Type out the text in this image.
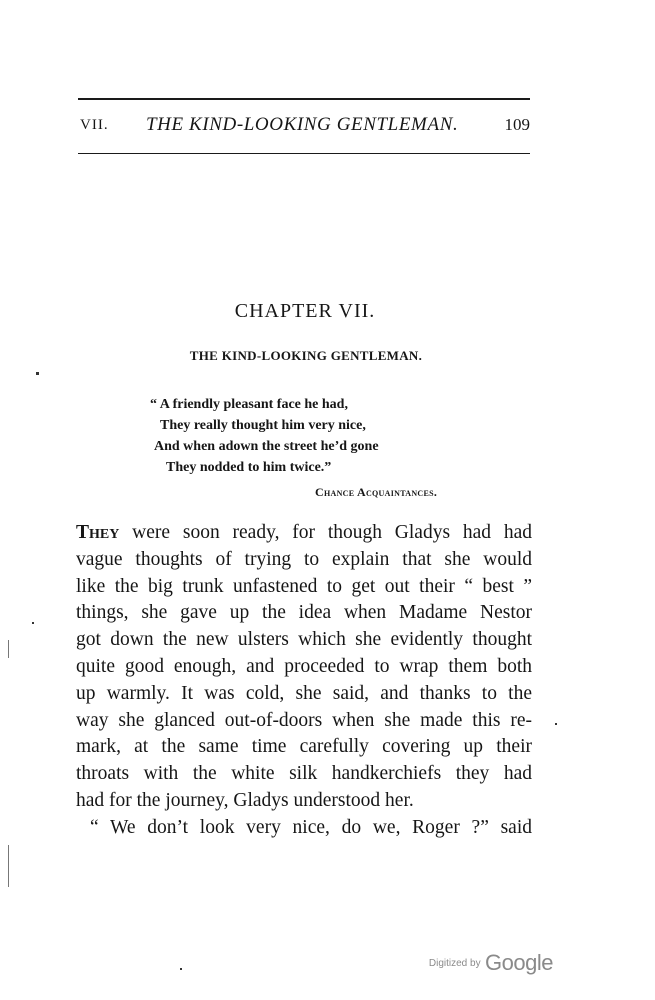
VII. THE KIND-LOOKING GENTLEMAN.	109
CHAPTER VII.
THE KIND-LOOKING GENTLEMAN.
“ A friendly pleasant face he had,
They really thought him very nice,
And when adown the street he’d gone
They nodded to him twice.”
Chance Acquaintances.
They were soon ready, for though Gladys had had
vague thoughts of trying to explain that she would
like the big trunk unfastened to get out their “ best ”
things, she gave up the idea when Madame Nestor
got down the new ulsters which she evidently thought
quite good enough, and proceeded to wrap them both
up warmly. It was cold, she said, and thanks to the
way she glanced out-of-doors when she made this re-
mark, at the same time carefully covering up their
throats with the white silk handkerchiefs they had
had for the journey, Gladys understood her.
“ We don’t look very nice, do we, Roger ?” said
$^{Digitized by}$ Google
